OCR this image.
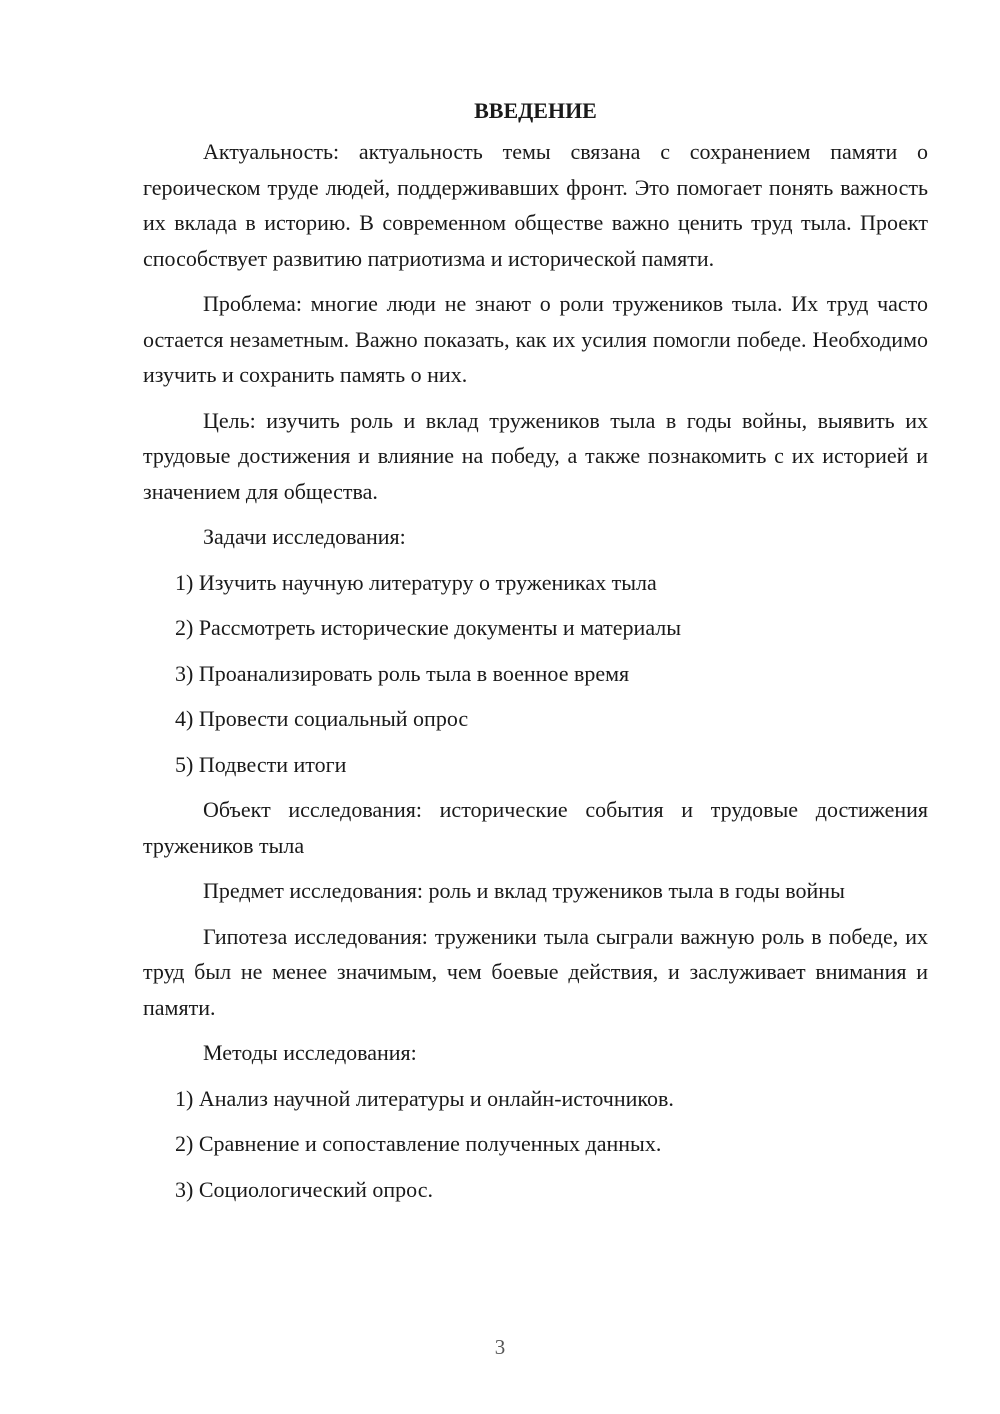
ВВЕДЕНИЕ

Актуальность: актуальность темы связана с сохранением памяти о героическом труде людей, поддерживавших фронт. Это помогает понять важность их вклада в историю. В современном обществе важно ценить труд тыла. Проект способствует развитию патриотизма и исторической памяти.

Проблема: многие люди не знают о роли тружеников тыла. Их труд часто остается незаметным. Важно показать, как их усилия помогли победе. Необходимо изучить и сохранить память о них.

Цель: изучить роль и вклад тружеников тыла в годы войны, выявить их трудовые достижения и влияние на победу, а также познакомить с их историей и значением для общества.

Задачи исследования:

1) Изучить научную литературу о тружениках тыла
2) Рассмотреть исторические документы и материалы
3) Проанализировать роль тыла в военное время
4) Провести социальный опрос
5) Подвести итоги

Объект исследования: исторические события и трудовые достижения тружеников тыла

Предмет исследования: роль и вклад тружеников тыла в годы войны

Гипотеза исследования: труженики тыла сыграли важную роль в победе, их труд был не менее значимым, чем боевые действия, и заслуживает внимания и памяти.

Методы исследования:

1) Анализ научной литературы и онлайн-источников.
2) Сравнение и сопоставление полученных данных.
3) Социологический опрос.
3
